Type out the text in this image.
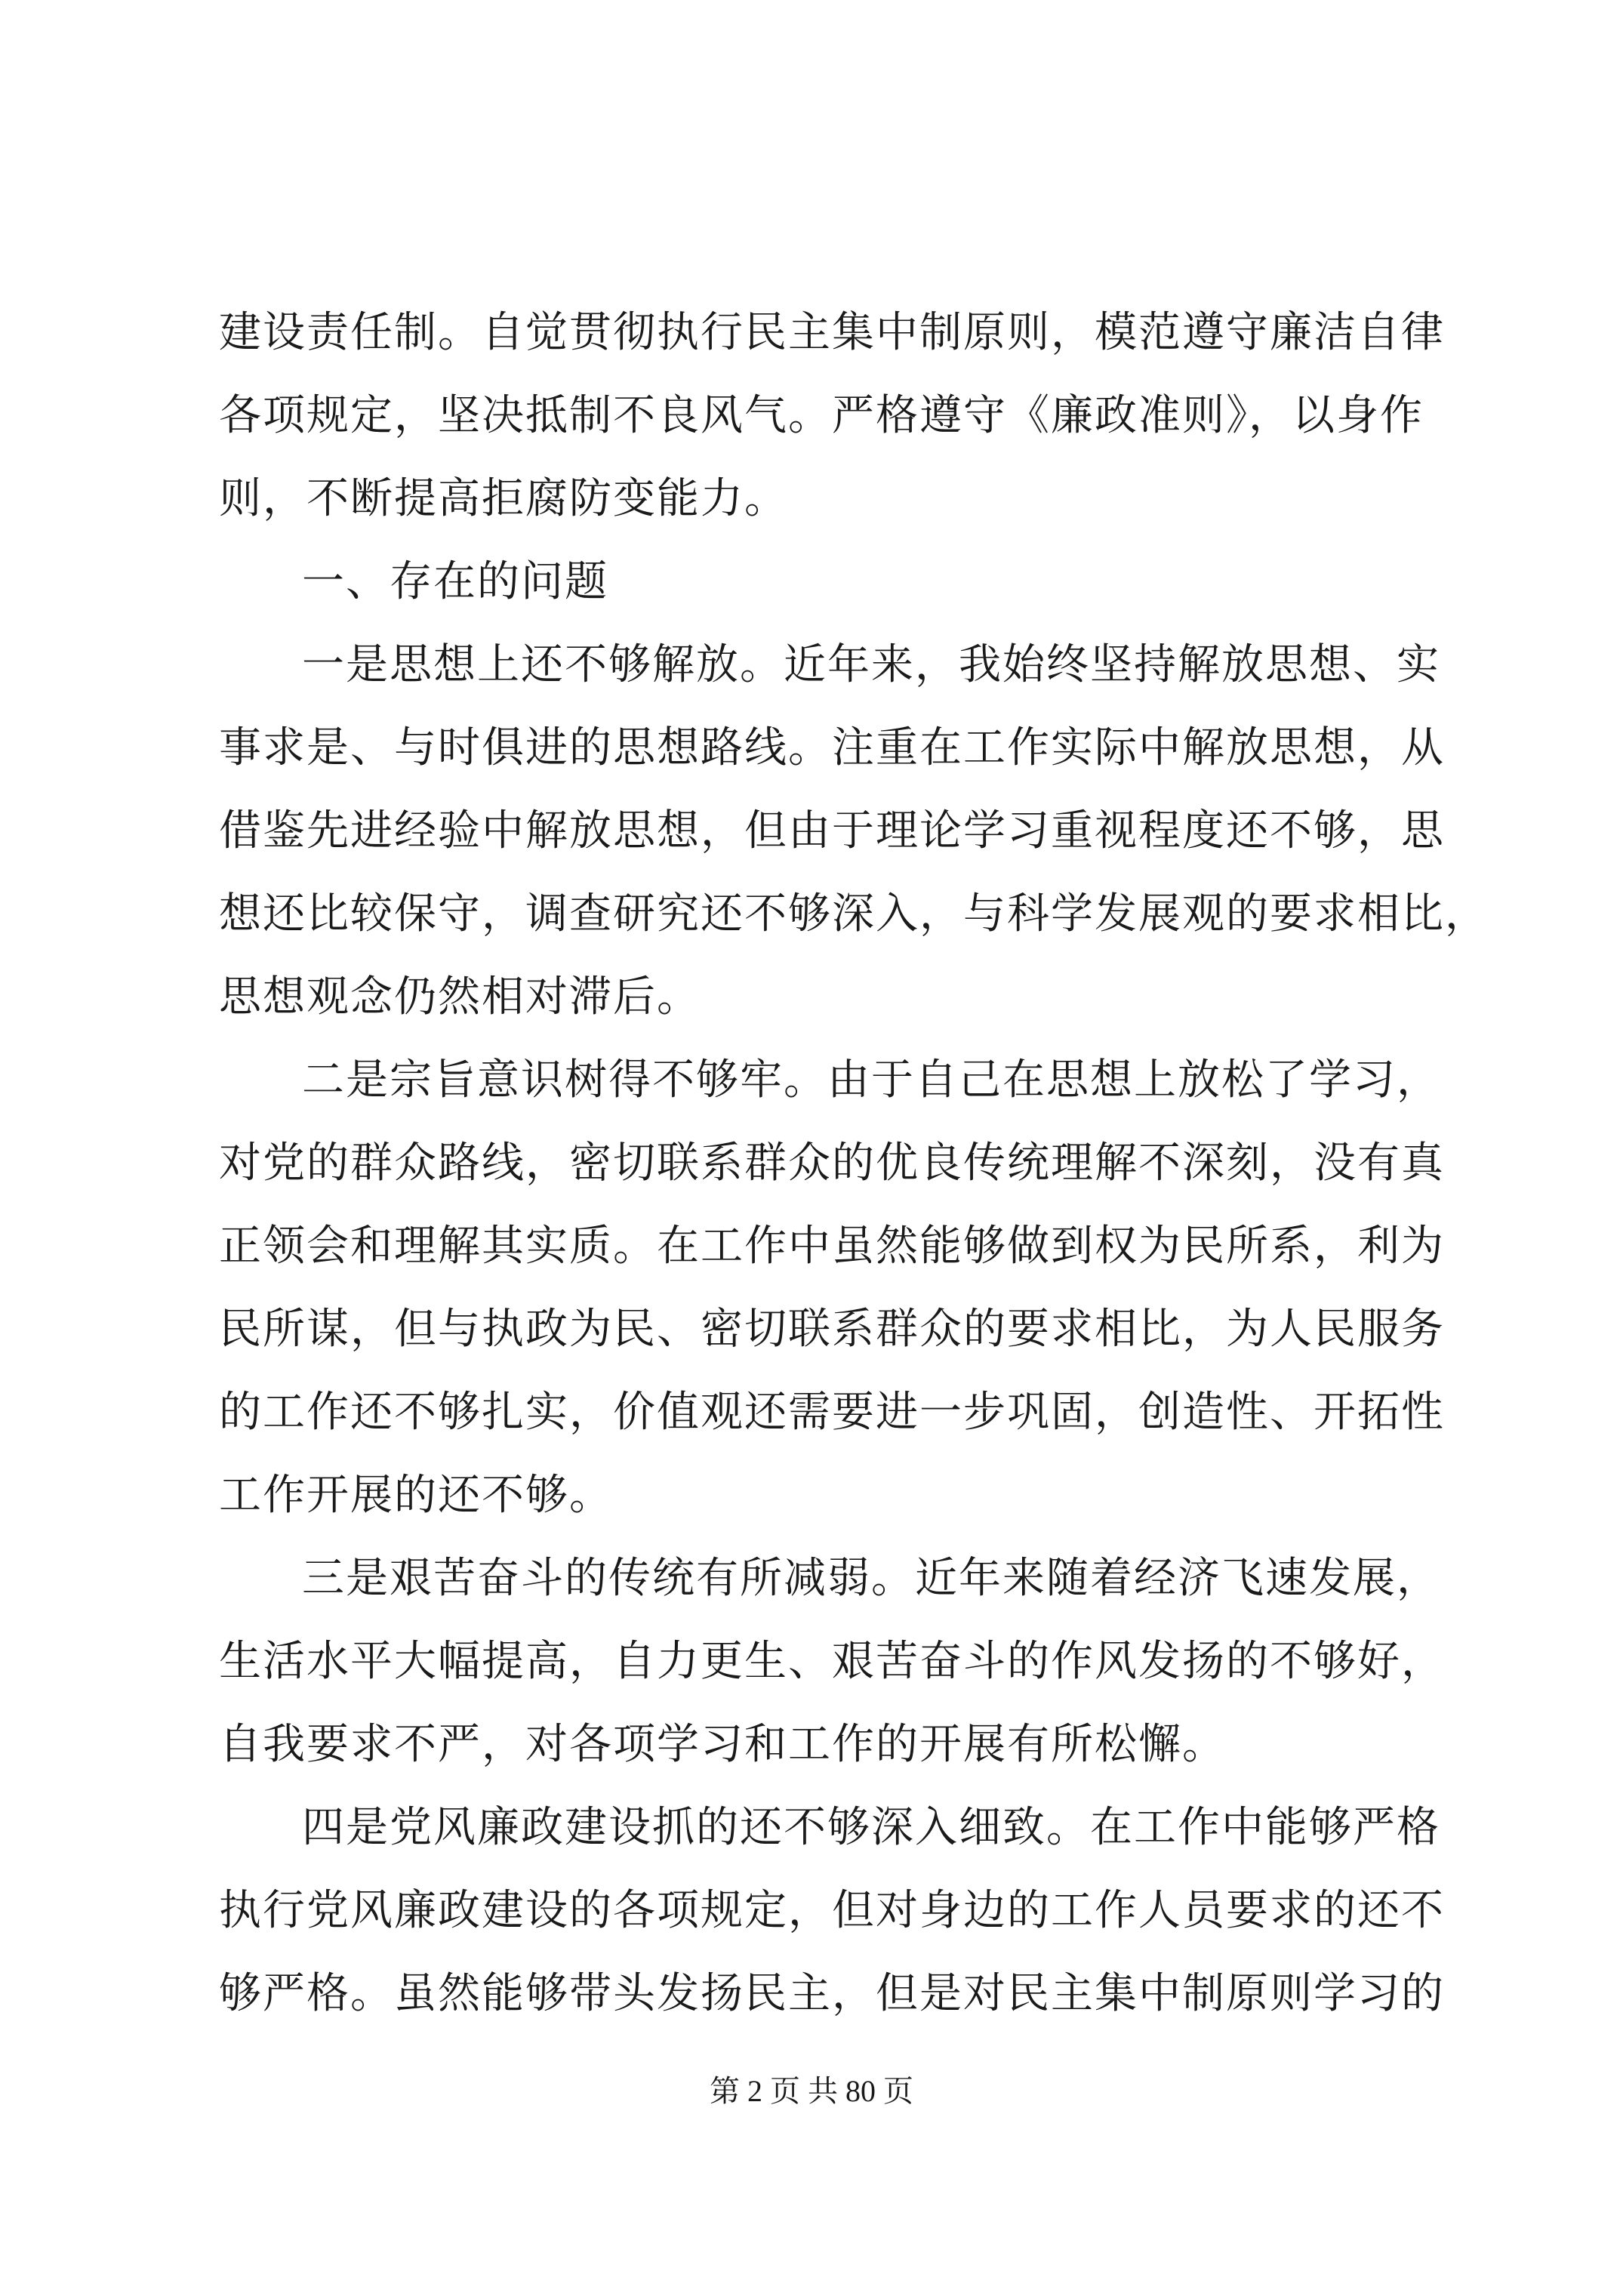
建设责任制。自觉贯彻执行民主集中制原则，模范遵守廉洁自律
各项规定，坚决抵制不良风气。严格遵守《廉政准则》，以身作
则，不断提高拒腐防变能力。
一、存在的问题
一是思想上还不够解放。近年来，我始终坚持解放思想、实
事求是、与时俱进的思想路线。注重在工作实际中解放思想，从
借鉴先进经验中解放思想，但由于理论学习重视程度还不够，思
想还比较保守，调查研究还不够深入，与科学发展观的要求相比，
思想观念仍然相对滞后。
二是宗旨意识树得不够牢。由于自己在思想上放松了学习，
对党的群众路线，密切联系群众的优良传统理解不深刻，没有真
正领会和理解其实质。在工作中虽然能够做到权为民所系，利为
民所谋，但与执政为民、密切联系群众的要求相比，为人民服务
的工作还不够扎实，价值观还需要进一步巩固，创造性、开拓性
工作开展的还不够。
三是艰苦奋斗的传统有所减弱。近年来随着经济飞速发展，
生活水平大幅提高，自力更生、艰苦奋斗的作风发扬的不够好，
自我要求不严，对各项学习和工作的开展有所松懈。
四是党风廉政建设抓的还不够深入细致。在工作中能够严格
执行党风廉政建设的各项规定，但对身边的工作人员要求的还不
够严格。虽然能够带头发扬民主，但是对民主集中制原则学习的
第 2 页 共 80 页
